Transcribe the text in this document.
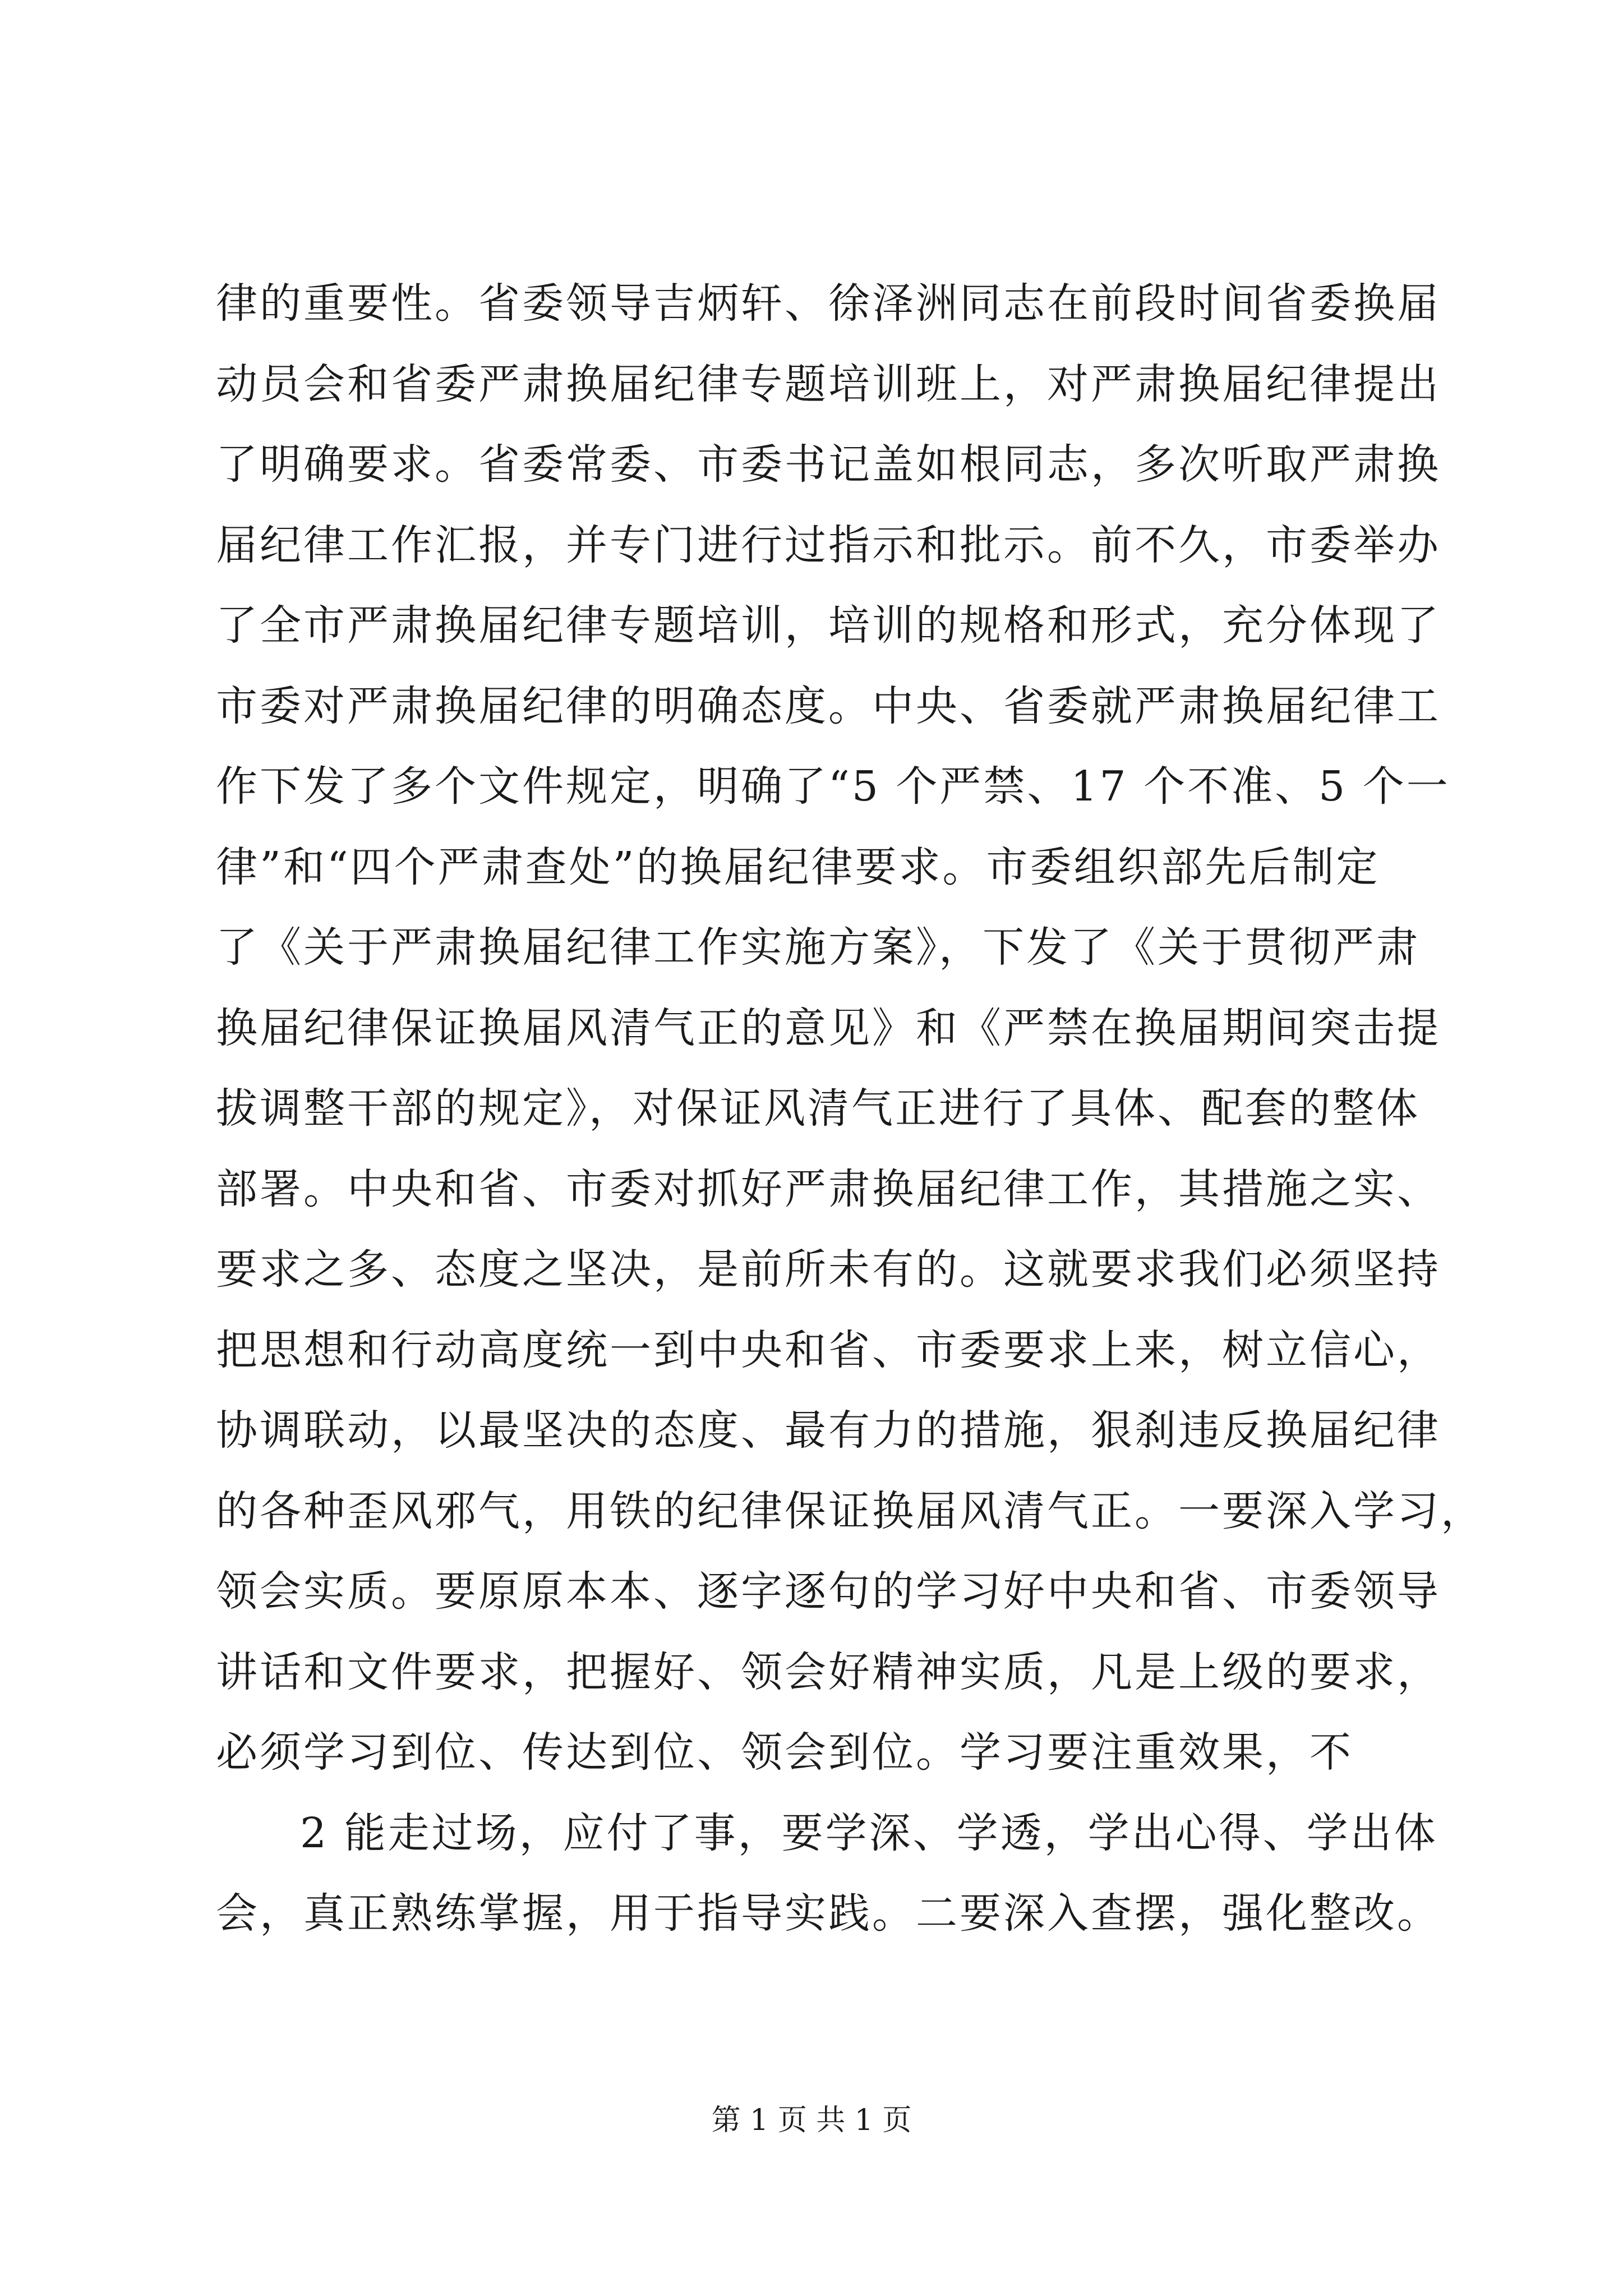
律的重要性。省委领导吉炳轩、徐泽洲同志在前段时间省委换届
动员会和省委严肃换届纪律专题培训班上，对严肃换届纪律提出
了明确要求。省委常委、市委书记盖如根同志，多次听取严肃换
届纪律工作汇报，并专门进行过指示和批示。前不久，市委举办
了全市严肃换届纪律专题培训，培训的规格和形式，充分体现了
市委对严肃换届纪律的明确态度。中央、省委就严肃换届纪律工
作下发了多个文件规定，明确了“5 个严禁、17 个不准、5 个一
律”和“四个严肃查处”的换届纪律要求。市委组织部先后制定
了《关于严肃换届纪律工作实施方案》，下发了《关于贯彻严肃
换届纪律保证换届风清气正的意见》和《严禁在换届期间突击提
拔调整干部的规定》，对保证风清气正进行了具体、配套的整体
部署。中央和省、市委对抓好严肃换届纪律工作，其措施之实、
要求之多、态度之坚决，是前所未有的。这就要求我们必须坚持
把思想和行动高度统一到中央和省、市委要求上来，树立信心，
协调联动，以最坚决的态度、最有力的措施，狠刹违反换届纪律
的各种歪风邪气，用铁的纪律保证换届风清气正。一要深入学习，
领会实质。要原原本本、逐字逐句的学习好中央和省、市委领导
讲话和文件要求，把握好、领会好精神实质，凡是上级的要求，
必须学习到位、传达到位、领会到位。学习要注重效果，不
2 能走过场，应付了事，要学深、学透，学出心得、学出体
会，真正熟练掌握，用于指导实践。二要深入查摆，强化整改。
第 1 页 共 1 页
